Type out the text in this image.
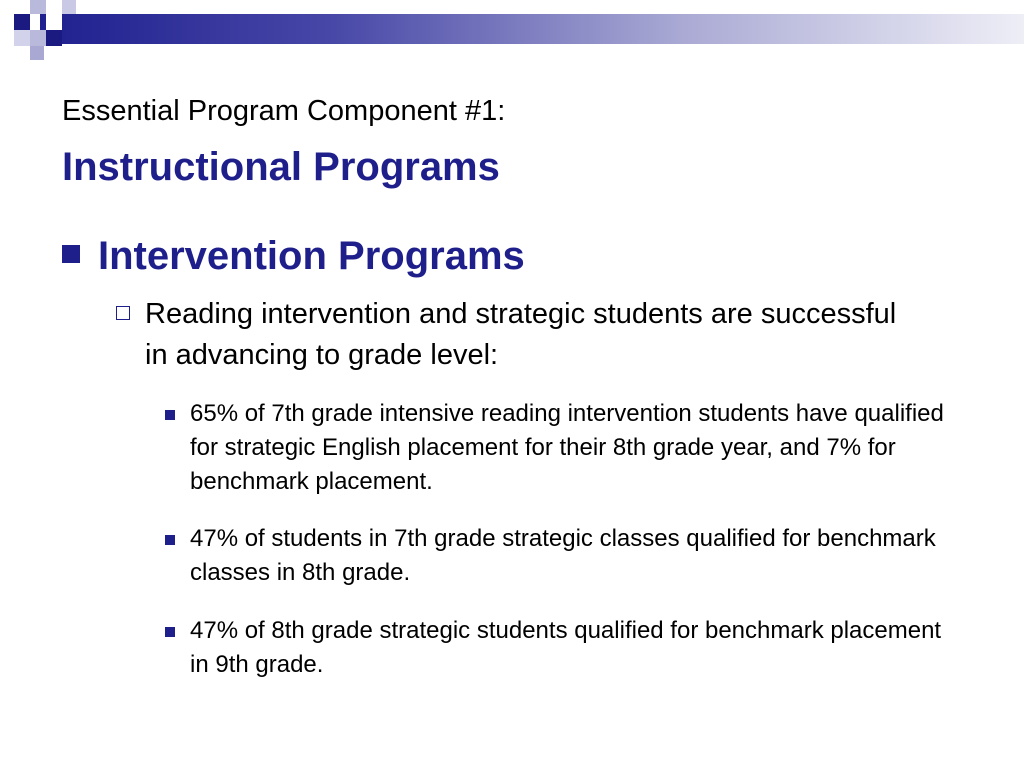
Essential Program Component #1:
Instructional Programs
Intervention Programs
Reading intervention and strategic students are successful in advancing to grade level:
65% of 7th grade intensive reading intervention students have qualified for strategic English placement for their 8th grade year, and 7% for benchmark placement.
47% of students in 7th grade strategic classes qualified for benchmark classes in 8th grade.
47% of 8th grade strategic students qualified for benchmark placement in 9th grade.
